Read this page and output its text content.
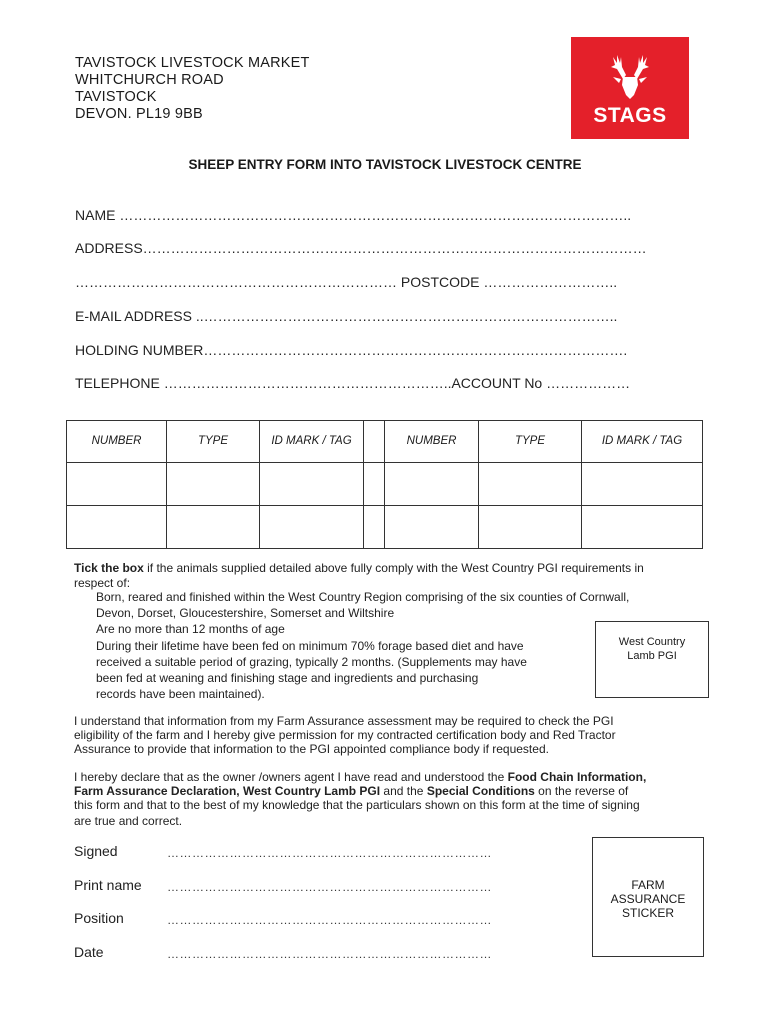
TAVISTOCK LIVESTOCK MARKET
WHITCHURCH ROAD
TAVISTOCK
DEVON. PL19 9BB	STAGS
SHEEP ENTRY FORM INTO TAVISTOCK LIVESTOCK CENTRE
NAME ………………………………………………………………………………………………..
ADDRESS………………………………………………………………………………………………
…………………………………………………………… POSTCODE ………………………..
E-MAIL ADDRESS ..……………………………………………………………………………..
HOLDING NUMBER……………………………………………………………………………….
TELEPHONE ……………………………………………………..ACCOUNT No ………………
NUMBER	TYPE	ID MARK / TAG		NUMBER	TYPE	ID MARK / TAG

Tick the box if the animals supplied detailed above fully comply with the West Country PGI requirements in
respect of:
Born, reared and finished within the West Country Region comprising of the six counties of Cornwall,
Devon, Dorset, Gloucestershire, Somerset and Wiltshire
Are no more than 12 months of age
During their lifetime have been fed on minimum 70% forage based diet and have
received a suitable period of grazing, typically 2 months. (Supplements may have
been fed at weaning and finishing stage and ingredients and purchasing
records have been maintained).
West Country
Lamb PGI
I understand that information from my Farm Assurance assessment may be required to check the PGI
eligibility of the farm and I hereby give permission for my contracted certification body and Red Tractor
Assurance to provide that information to the PGI appointed compliance body if requested.
I hereby declare that as the owner /owners agent I have read and understood the Food Chain Information,
Farm Assurance Declaration, West Country Lamb PGI and the Special Conditions on the reverse of
this form and that to the best of my knowledge that the particulars shown on this form at the time of signing
are true and correct.
Signed	……………………………………………………………………
Print name ……………………………………………………………………
Position	……………………………………………………………………
Date	……………………………………………………………………
FARM
ASSURANCE
STICKER
